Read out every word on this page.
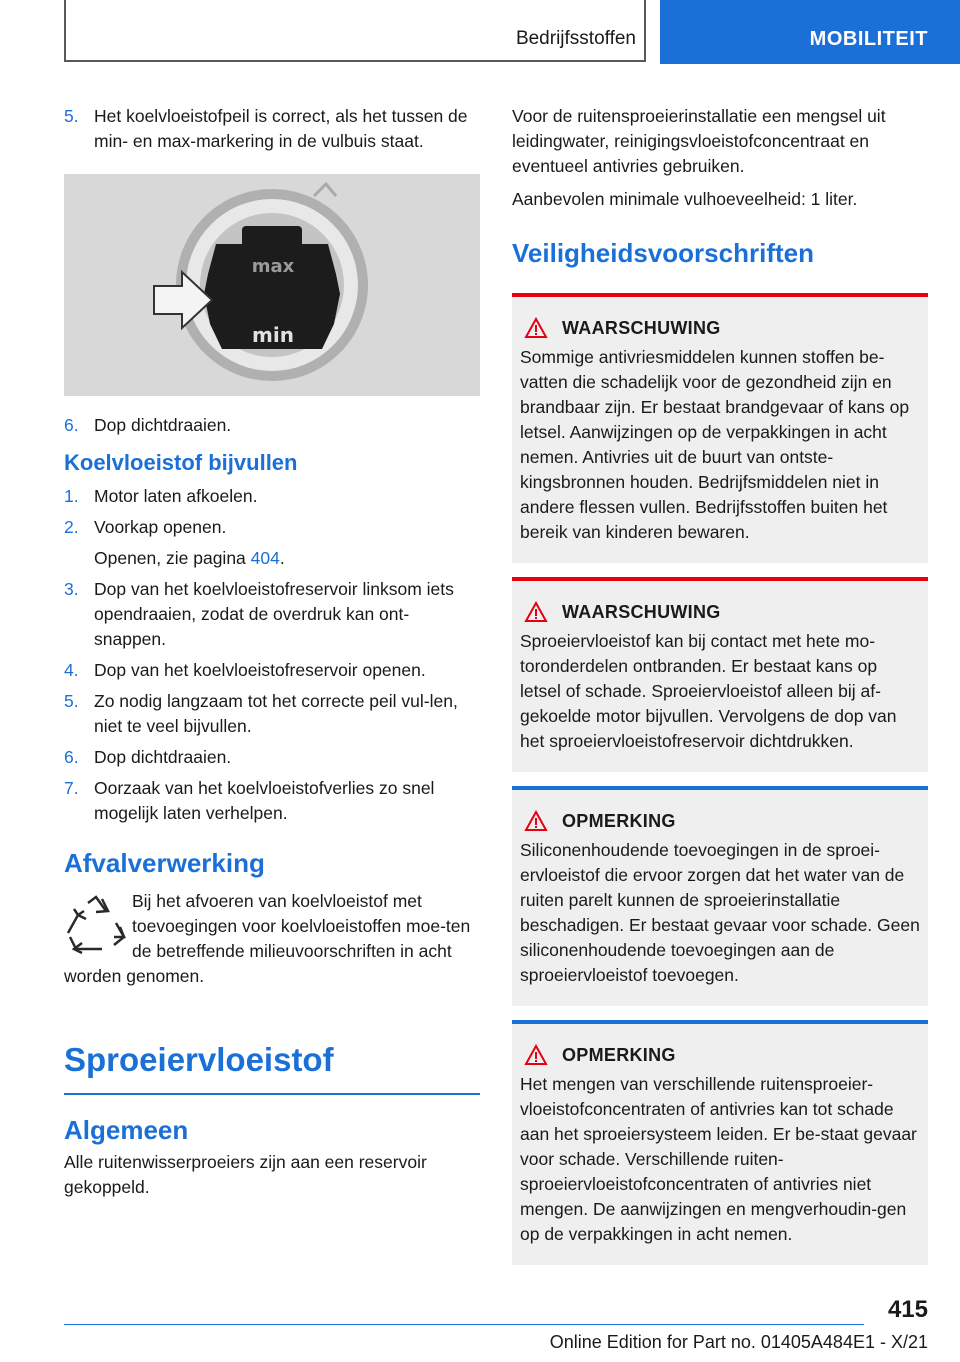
Bedrijfsstoffen	MOBILITEIT
5. Het koelvloeistofpeil is correct, als het tussen de min- en max-markering in de vulbuis staat.
max
min
6. Dop dichtdraaien.
Koelvloeistof bijvullen
1. Motor laten afkoelen.
2. Voorkap openen.
Openen, zie pagina 404.
3. Dop van het koelvloeistofreservoir linksom iets opendraaien, zodat de overdruk kan ont-snappen.
4. Dop van het koelvloeistofreservoir openen.
5. Zo nodig langzaam tot het correcte peil vul-len, niet te veel bijvullen.
6. Dop dichtdraaien.
7. Oorzaak van het koelvloeistofverlies zo snel mogelijk laten verhelpen.
Afvalverwerking
Bij het afvoeren van koelvloeistof met toevoegingen voor koelvloeistoffen moe-ten de betreffende milieuvoorschriften in acht worden genomen.
Sproeiervloeistof
Algemeen
Alle ruitenwisserproeiers zijn aan een reservoir gekoppeld.
Voor de ruitensproeierinstallatie een mengsel uit leidingwater, reinigingsvloeistofconcentraat en eventueel antivries gebruiken.
Aanbevolen minimale vulhoeveelheid: 1 liter.
Veiligheidsvoorschriften
WAARSCHUWING
Sommige antivriesmiddelen kunnen stoffen be-vatten die schadelijk voor de gezondheid zijn en brandbaar zijn. Er bestaat brandgevaar of kans op letsel. Aanwijzingen op de verpakkingen in acht nemen. Antivries uit de buurt van ontste-kingsbronnen houden. Bedrijfsmiddelen niet in andere flessen vullen. Bedrijfsstoffen buiten het bereik van kinderen bewaren.
WAARSCHUWING
Sproeiervloeistof kan bij contact met hete mo-toronderdelen ontbranden. Er bestaat kans op letsel of schade. Sproeiervloeistof alleen bij af-gekoelde motor bijvullen. Vervolgens de dop van het sproeiervloeistofreservoir dichtdrukken.
OPMERKING
Siliconenhoudende toevoegingen in de sproei-ervloeistof die ervoor zorgen dat het water van de ruiten parelt kunnen de sproeierinstallatie beschadigen. Er bestaat gevaar voor schade. Geen siliconenhoudende toevoegingen aan de sproeiervloeistof toevoegen.
OPMERKING
Het mengen van verschillende ruitensproeier-vloeistofconcentraten of antivries kan tot schade aan het sproeiersysteem leiden. Er be-staat gevaar voor schade. Verschillende ruiten-sproeiervloeistofconcentraten of antivries niet mengen. De aanwijzingen en mengverhoudin-gen op de verpakkingen in acht nemen.
415
Online Edition for Part no. 01405A484E1 - X/21
